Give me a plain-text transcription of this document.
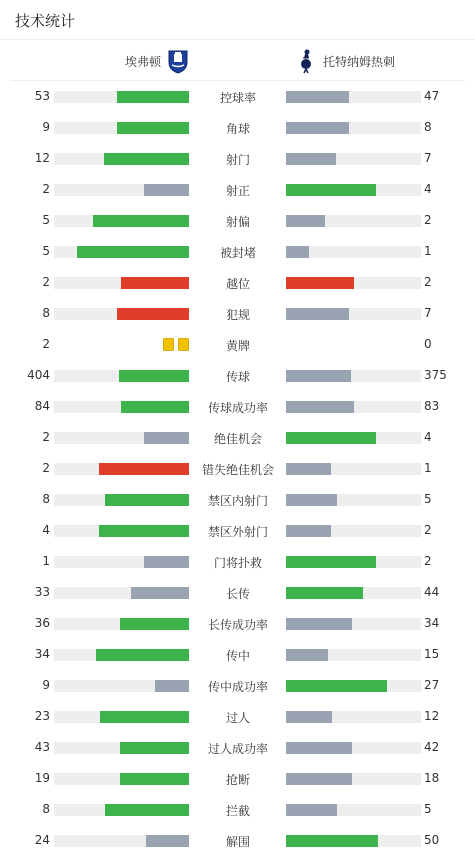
技术统计
埃弗顿	托特纳姆热刺
53	控球率	47
9	角球	8
12	射门	7
2	射正	4
5	射偏	2
5	被封堵	1
2	越位	2
8	犯规	7
2	黄牌	0
404	传球	375
84	传球成功率	83
2	绝佳机会	4
2	错失绝佳机会	1
8	禁区内射门	5
4	禁区外射门	2
1	门将扑救	2
33	长传	44
36	长传成功率	34
34	传中	15
9	传中成功率	27
23	过人	12
43	过人成功率	42
19	抢断	18
8	拦截	5
24	解围	50
